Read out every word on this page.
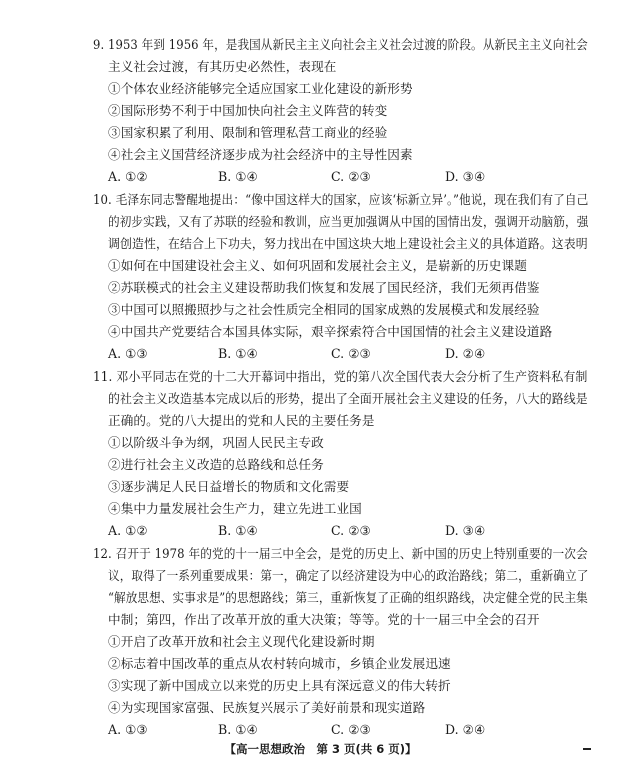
9. 1953 年到 1956 年，是我国从新民主主义向社会主义社会过渡的阶段。从新民主主义向社会
主义社会过渡，有其历史必然性，表现在
①个体农业经济能够完全适应国家工业化建设的新形势
②国际形势不利于中国加快向社会主义阵营的转变
③国家积累了利用、限制和管理私营工商业的经验
④社会主义国营经济逐步成为社会经济中的主导性因素
A. ①②	B. ①④	C. ②③	D. ③④
10. 毛泽东同志警醒地提出：“像中国这样大的国家，应该‘标新立异’。”他说，现在我们有了自己
的初步实践，又有了苏联的经验和教训，应当更加强调从中国的国情出发，强调开动脑筋，强
调创造性，在结合上下功夫，努力找出在中国这块大地上建设社会主义的具体道路。这表明
①如何在中国建设社会主义、如何巩固和发展社会主义，是崭新的历史课题
②苏联模式的社会主义建设帮助我们恢复和发展了国民经济，我们无须再借鉴
③中国可以照搬照抄与之社会性质完全相同的国家成熟的发展模式和发展经验
④中国共产党要结合本国具体实际，艰辛探索符合中国国情的社会主义建设道路
A. ①③	B. ①④	C. ②③	D. ②④
11. 邓小平同志在党的十二大开幕词中指出，党的第八次全国代表大会分析了生产资料私有制
的社会主义改造基本完成以后的形势，提出了全面开展社会主义建设的任务，八大的路线是
正确的。党的八大提出的党和人民的主要任务是
①以阶级斗争为纲，巩固人民民主专政
②进行社会主义改造的总路线和总任务
③逐步满足人民日益增长的物质和文化需要
④集中力量发展社会生产力，建立先进工业国
A. ①②	B. ①④	C. ②③	D. ③④
12. 召开于 1978 年的党的十一届三中全会，是党的历史上、新中国的历史上特别重要的一次会
议，取得了一系列重要成果：第一，确定了以经济建设为中心的政治路线；第二，重新确立了
“解放思想、实事求是”的思想路线；第三，重新恢复了正确的组织路线，决定健全党的民主集
中制；第四，作出了改革开放的重大决策；等等。党的十一届三中全会的召开
①开启了改革开放和社会主义现代化建设新时期
②标志着中国改革的重点从农村转向城市，乡镇企业发展迅速
③实现了新中国成立以来党的历史上具有深远意义的伟大转折
④为实现国家富强、民族复兴展示了美好前景和现实道路
A. ①③	B. ①④	C. ②③	D. ②④
【高一思想政治　第 3 页(共 6 页)】
